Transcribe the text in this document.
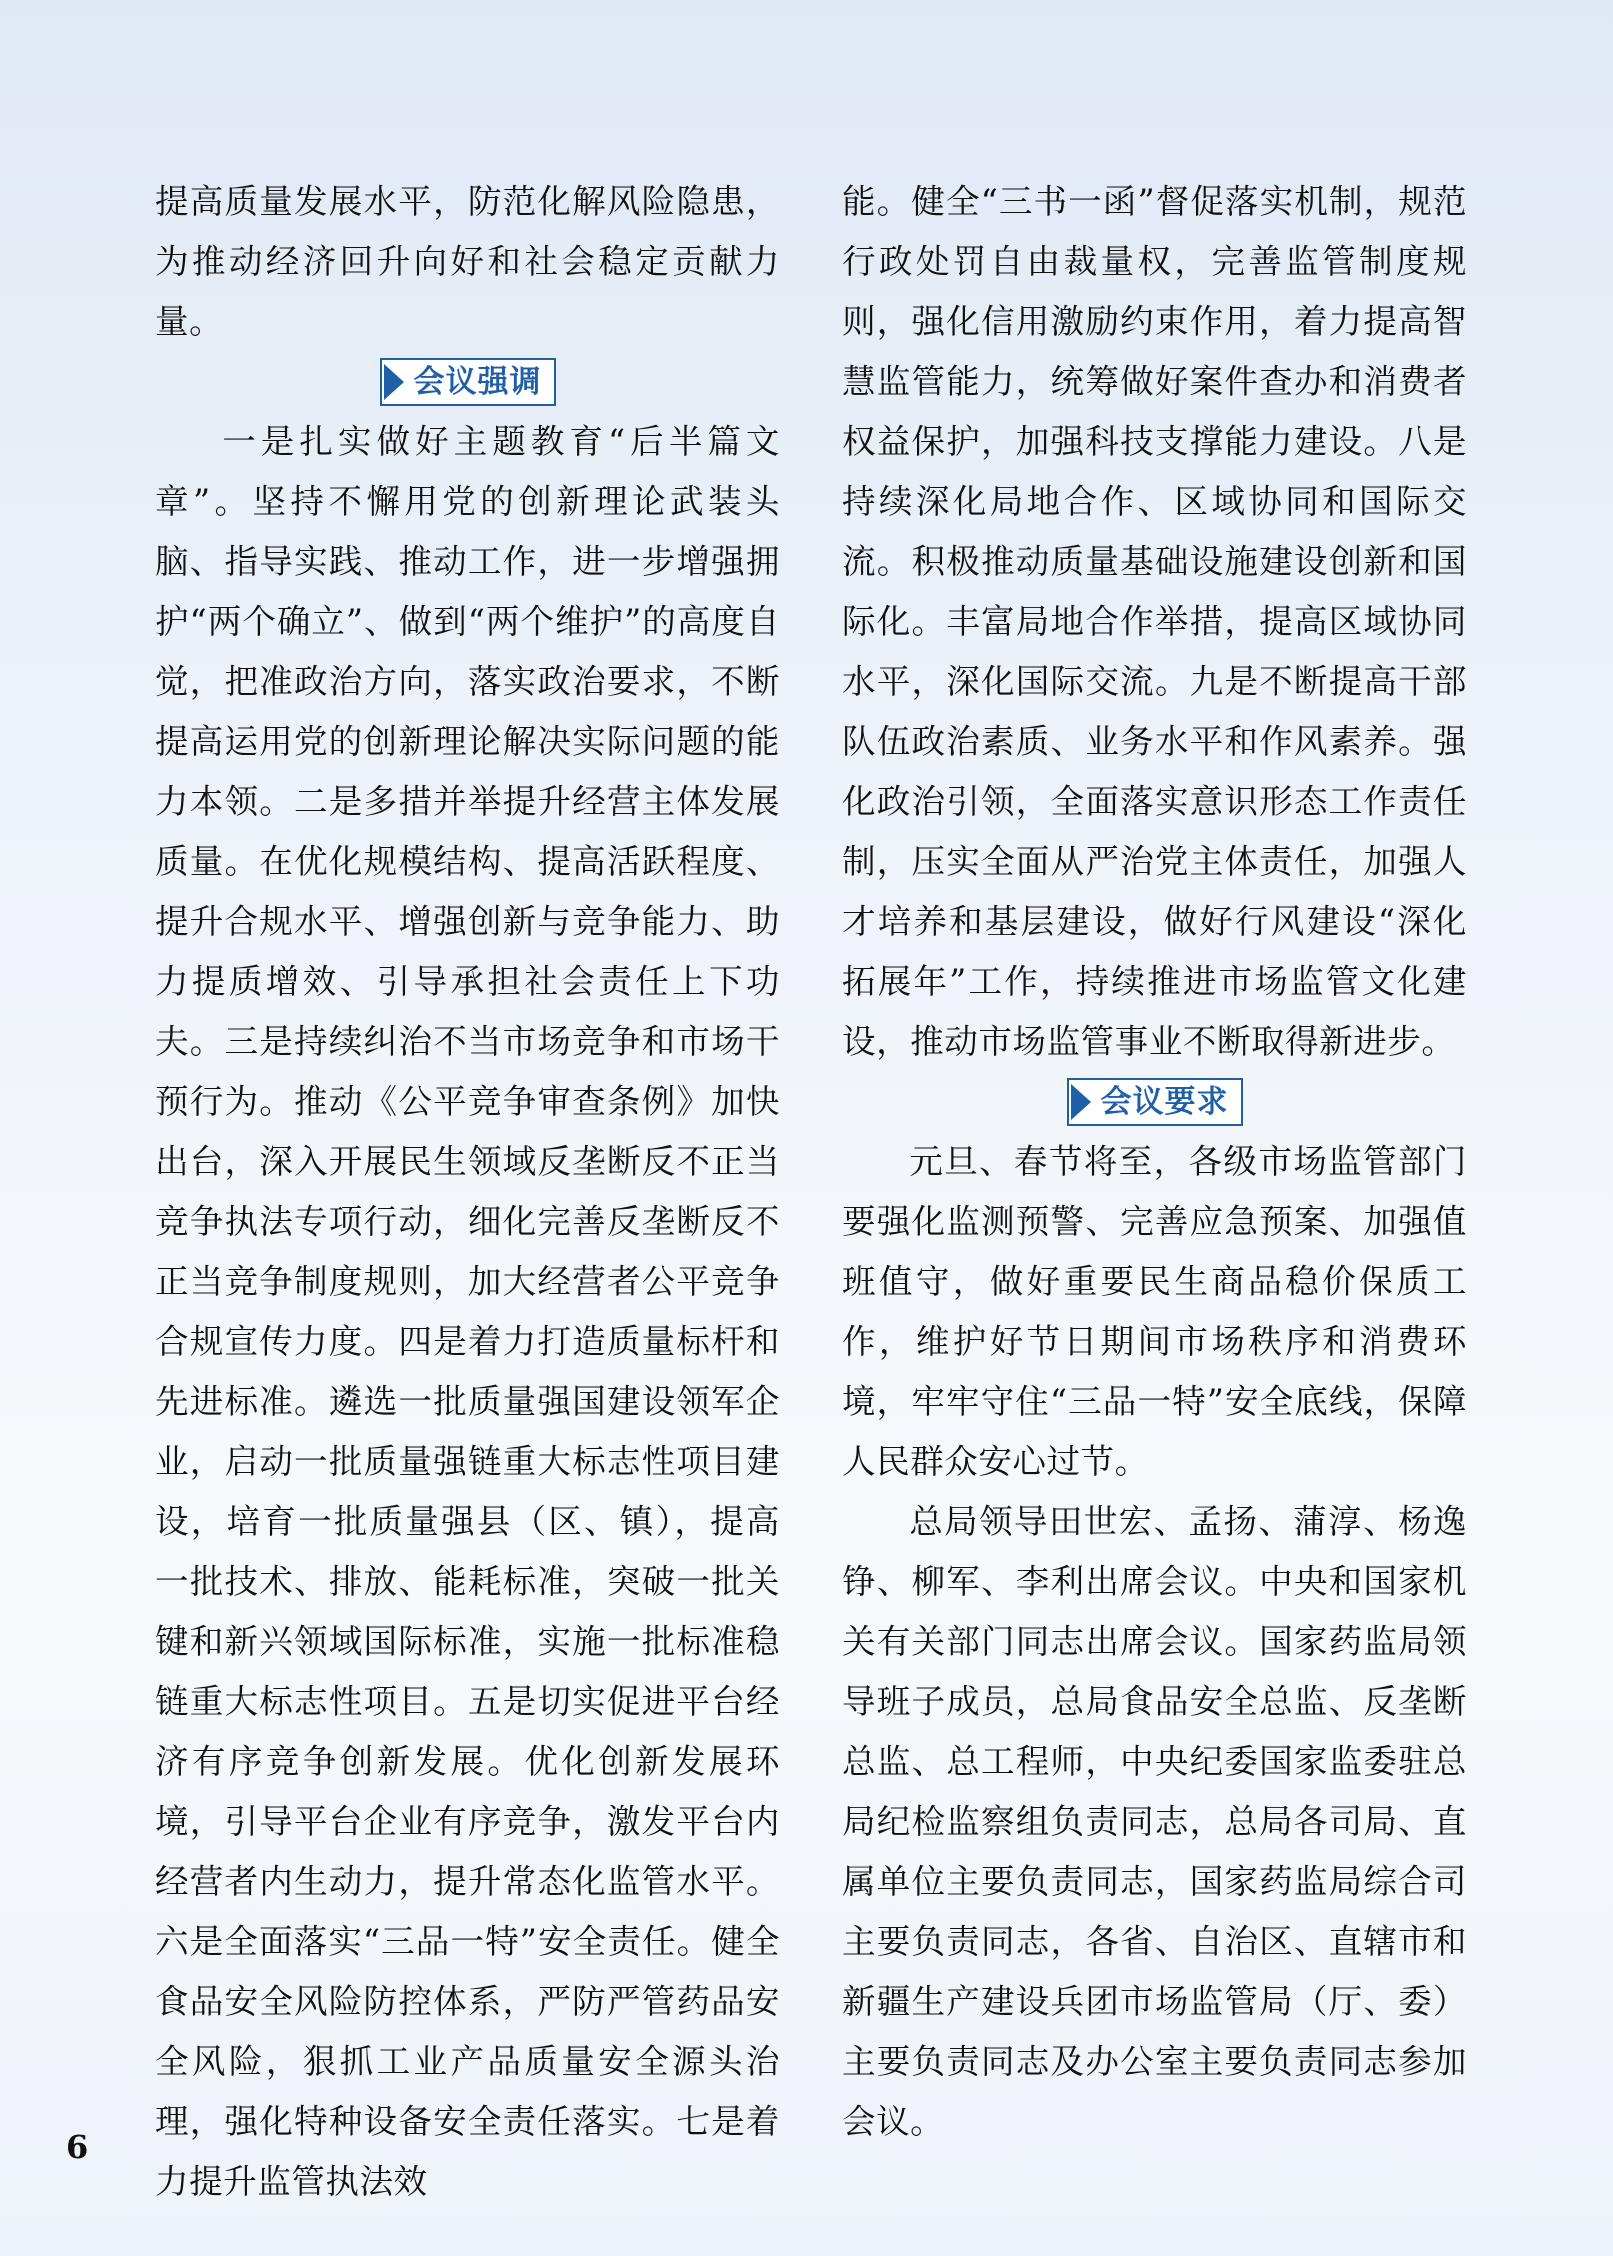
提高质量发展水平，防范化解风险隐患，为推动经济回升向好和社会稳定贡献力量。

会议强调

一是扎实做好主题教育“后半篇文章”。坚持不懈用党的创新理论武装头脑、指导实践、推动工作，进一步增强拥护“两个确立”、做到“两个维护”的高度自觉，把准政治方向，落实政治要求，不断提高运用党的创新理论解决实际问题的能力本领。二是多措并举提升经营主体发展质量。在优化规模结构、提高活跃程度、提升合规水平、增强创新与竞争能力、助力提质增效、引导承担社会责任上下功夫。三是持续纠治不当市场竞争和市场干预行为。推动《公平竞争审查条例》加快出台，深入开展民生领域反垄断反不正当竞争执法专项行动，细化完善反垄断反不正当竞争制度规则，加大经营者公平竞争合规宣传力度。四是着力打造质量标杆和先进标准。遴选一批质量强国建设领军企业，启动一批质量强链重大标志性项目建设，培育一批质量强县（区、镇），提高一批技术、排放、能耗标准，突破一批关键和新兴领域国际标准，实施一批标准稳链重大标志性项目。五是切实促进平台经济有序竞争创新发展。优化创新发展环境，引导平台企业有序竞争，激发平台内经营者内生动力，提升常态化监管水平。六是全面落实“三品一特”安全责任。健全食品安全风险防控体系，严防严管药品安全风险，狠抓工业产品质量安全源头治理，强化特种设备安全责任落实。七是着力提升监管执法效

能。健全“三书一函”督促落实机制，规范行政处罚自由裁量权，完善监管制度规则，强化信用激励约束作用，着力提高智慧监管能力，统筹做好案件查办和消费者权益保护，加强科技支撑能力建设。八是持续深化局地合作、区域协同和国际交流。积极推动质量基础设施建设创新和国际化。丰富局地合作举措，提高区域协同水平，深化国际交流。九是不断提高干部队伍政治素质、业务水平和作风素养。强化政治引领，全面落实意识形态工作责任制，压实全面从严治党主体责任，加强人才培养和基层建设，做好行风建设“深化拓展年”工作，持续推进市场监管文化建设，推动市场监管事业不断取得新进步。

会议要求

元旦、春节将至，各级市场监管部门要强化监测预警、完善应急预案、加强值班值守，做好重要民生商品稳价保质工作，维护好节日期间市场秩序和消费环境，牢牢守住“三品一特”安全底线，保障人民群众安心过节。

总局领导田世宏、孟扬、蒲淳、杨逸铮、柳军、李利出席会议。中央和国家机关有关部门同志出席会议。国家药监局领导班子成员，总局食品安全总监、反垄断总监、总工程师，中央纪委国家监委驻总局纪检监察组负责同志，总局各司局、直属单位主要负责同志，国家药监局综合司主要负责同志，各省、自治区、直辖市和新疆生产建设兵团市场监管局（厅、委）主要负责同志及办公室主要负责同志参加会议。

6
